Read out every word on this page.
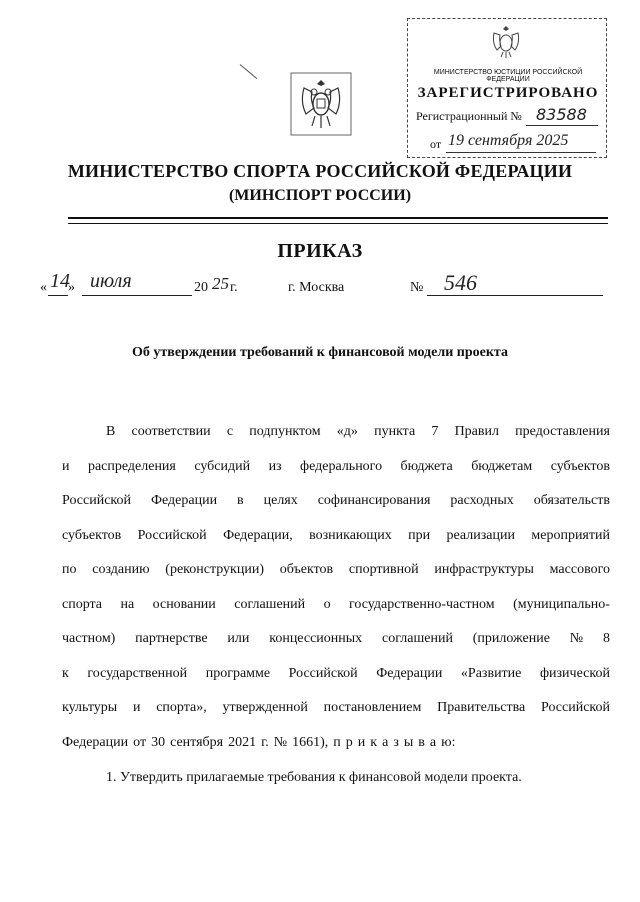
МИНИСТЕРСТВО ЮСТИЦИИ РОССИЙСКОЙ ФЕДЕРАЦИИ
ЗАРЕГИСТРИРОВАНО
Регистрационный № 83588
от 19 сентября 2025
МИНИСТЕРСТВО СПОРТА РОССИЙСКОЙ ФЕДЕРАЦИИ
(МИНСПОРТ РОССИИ)
ПРИКАЗ
« 14
» июля	20 25 г.	г. Москва	№ 546
Об утверждении требований к финансовой модели проекта
В соответствии с подпунктом «д» пункта 7 Правил предоставления
и распределения субсидий из федерального бюджета бюджетам субъектов
Российской Федерации в целях софинансирования расходных обязательств
субъектов Российской Федерации, возникающих при реализации мероприятий
по созданию (реконструкции) объектов спортивной инфраструктуры массового
спорта на основании соглашений о государственно-частном (муниципально-
частном) партнерстве или концессионных соглашений (приложение № 8
к государственной программе Российской Федерации «Развитие физической
культуры и спорта», утвержденной постановлением Правительства Российской
Федерации от 30 сентября 2021 г. № 1661), п р и к а з ы в а ю:
1. Утвердить прилагаемые требования к финансовой модели проекта.
